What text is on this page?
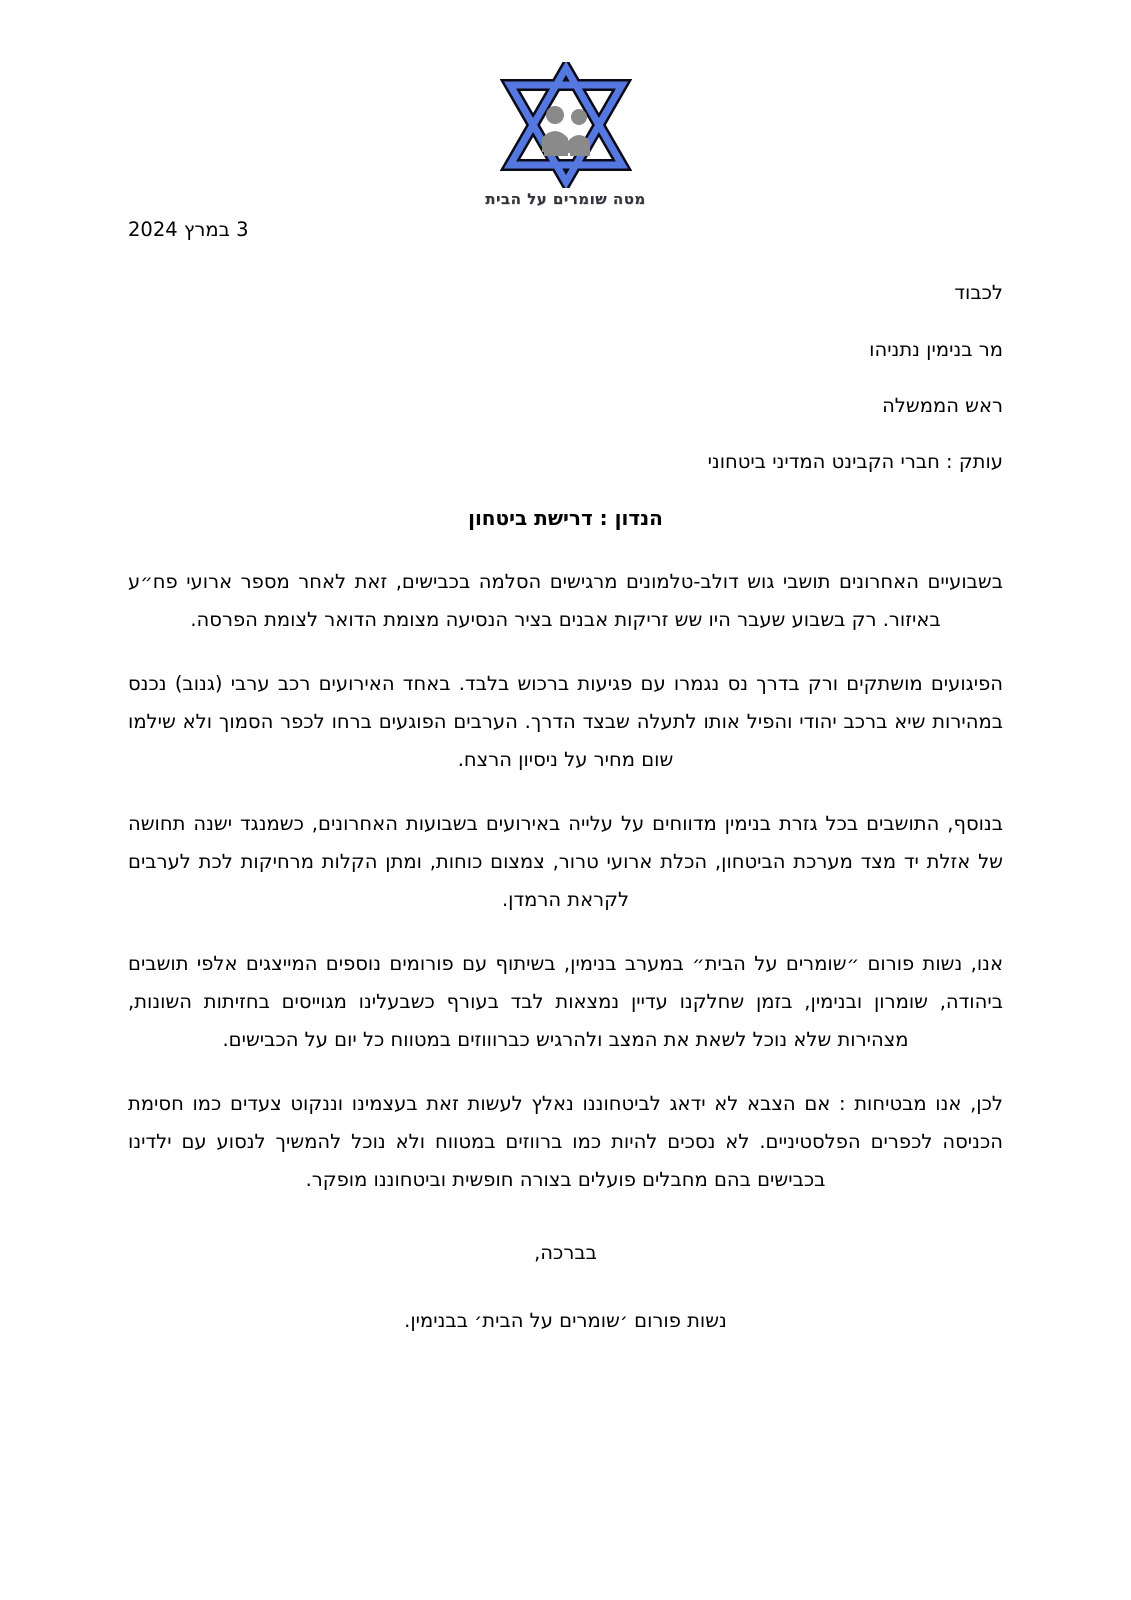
מטה שומרים על הבית

3 במרץ 2024

לכבוד

מר בנימין נתניהו

ראש הממשלה

עותק : חברי הקבינט המדיני ביטחוני

הנדון : דרישת ביטחון

בשבועיים האחרונים תושבי גוש דולב-טלמונים מרגישים הסלמה בכבישים, זאת לאחר מספר ארועי פח״ע באיזור. רק בשבוע שעבר היו שש זריקות אבנים בציר הנסיעה מצומת הדואר לצומת הפרסה.

הפיגועים מושתקים ורק בדרך נס נגמרו עם פגיעות ברכוש בלבד. באחד האירועים רכב ערבי (גנוב) נכנס במהירות שיא ברכב יהודי והפיל אותו לתעלה שבצד הדרך. הערבים הפוגעים ברחו לכפר הסמוך ולא שילמו שום מחיר על ניסיון הרצח.

בנוסף, התושבים בכל גזרת בנימין מדווחים על עלייה באירועים בשבועות האחרונים, כשמנגד ישנה תחושה של אזלת יד מצד מערכת הביטחון, הכלת ארועי טרור, צמצום כוחות, ומתן הקלות מרחיקות לכת לערבים לקראת הרמדן.

אנו, נשות פורום ״שומרים על הבית״ במערב בנימין, בשיתוף עם פורומים נוספים המייצגים אלפי תושבים ביהודה, שומרון ובנימין, בזמן שחלקנו עדיין נמצאות לבד בעורף כשבעלינו מגוייסים בחזיתות השונות, מצהירות שלא נוכל לשאת את המצב ולהרגיש כברוווזים במטווח כל יום על הכבישים.

לכן, אנו מבטיחות : אם הצבא לא ידאג לביטחוננו נאלץ לעשות זאת בעצמינו וננקוט צעדים כמו חסימת הכניסה לכפרים הפלסטיניים. לא נסכים להיות כמו ברווזים במטווח ולא נוכל להמשיך לנסוע עם ילדינו בכבישים בהם מחבלים פועלים בצורה חופשית וביטחוננו מופקר.

בברכה,

נשות פורום ׳שומרים על הבית׳ בבנימין.
